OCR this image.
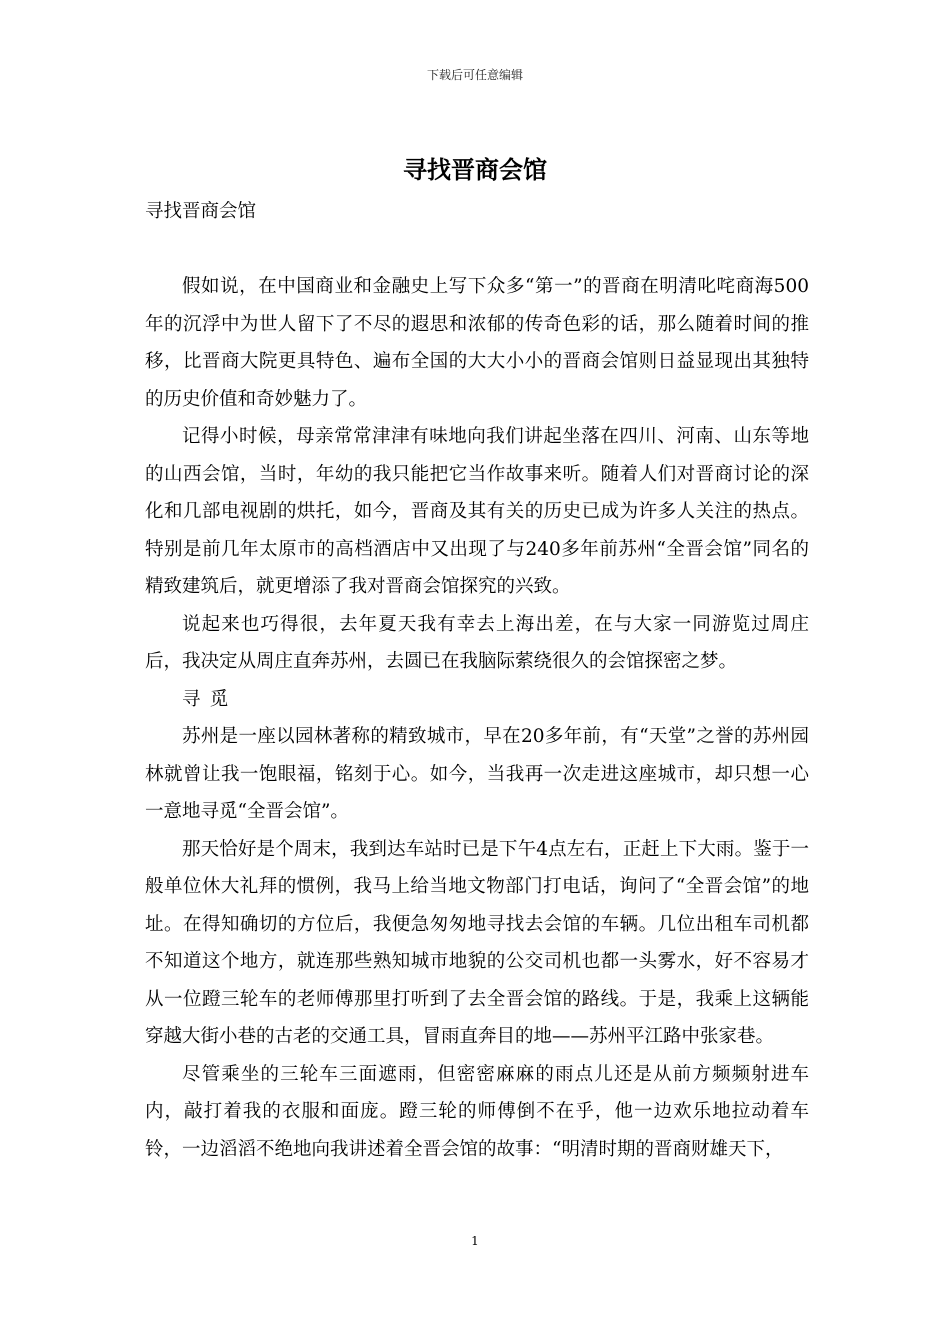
下载后可任意编辑
寻找晋商会馆

寻找晋商会馆

假如说，在中国商业和金融史上写下众多“第一”的晋商在明清叱咤商海500年的沉浮中为世人留下了不尽的遐思和浓郁的传奇色彩的话，那么随着时间的推移，比晋商大院更具特色、遍布全国的大大小小的晋商会馆则日益显现出其独特的历史价值和奇妙魅力了。

记得小时候，母亲常常津津有味地向我们讲起坐落在四川、河南、山东等地的山西会馆，当时，年幼的我只能把它当作故事来听。随着人们对晋商讨论的深化和几部电视剧的烘托，如今，晋商及其有关的历史已成为许多人关注的热点。特别是前几年太原市的高档酒店中又出现了与240多年前苏州“全晋会馆”同名的精致建筑后，就更增添了我对晋商会馆探究的兴致。

说起来也巧得很，去年夏天我有幸去上海出差，在与大家一同游览过周庄后，我决定从周庄直奔苏州，去圆已在我脑际萦绕很久的会馆探密之梦。

寻觅

苏州是一座以园林著称的精致城市，早在20多年前，有“天堂”之誉的苏州园林就曾让我一饱眼福，铭刻于心。如今，当我再一次走进这座城市，却只想一心一意地寻觅“全晋会馆”。

那天恰好是个周末，我到达车站时已是下午4点左右，正赶上下大雨。鉴于一般单位休大礼拜的惯例，我马上给当地文物部门打电话，询问了“全晋会馆”的地址。在得知确切的方位后，我便急匆匆地寻找去会馆的车辆。几位出租车司机都不知道这个地方，就连那些熟知城市地貌的公交司机也都一头雾水，好不容易才从一位蹬三轮车的老师傅那里打听到了去全晋会馆的路线。于是，我乘上这辆能穿越大街小巷的古老的交通工具，冒雨直奔目的地——苏州平江路中张家巷。

尽管乘坐的三轮车三面遮雨，但密密麻麻的雨点儿还是从前方频频射进车内，敲打着我的衣服和面庞。蹬三轮的师傅倒不在乎，他一边欢乐地拉动着车铃，一边滔滔不绝地向我讲述着全晋会馆的故事：“明清时期的晋商财雄天下，

1
